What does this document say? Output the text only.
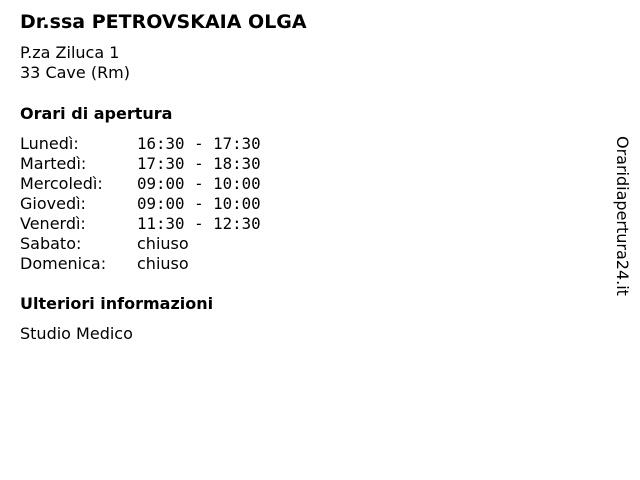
Dr.ssa PETROVSKAIA OLGA
P.za Ziluca 1
33 Cave (Rm)
Orari di apertura
Lunedì:	16:30 - 17:30
Martedì:	17:30 - 18:30
Mercoledì:	09:00 - 10:00
Giovedì:	09:00 - 10:00
Venerdì:	11:30 - 12:30
Sabato:	chiuso
Domenica:	chiuso
Ulteriori informazioni
Studio Medico
Oraridiapertura24.it
